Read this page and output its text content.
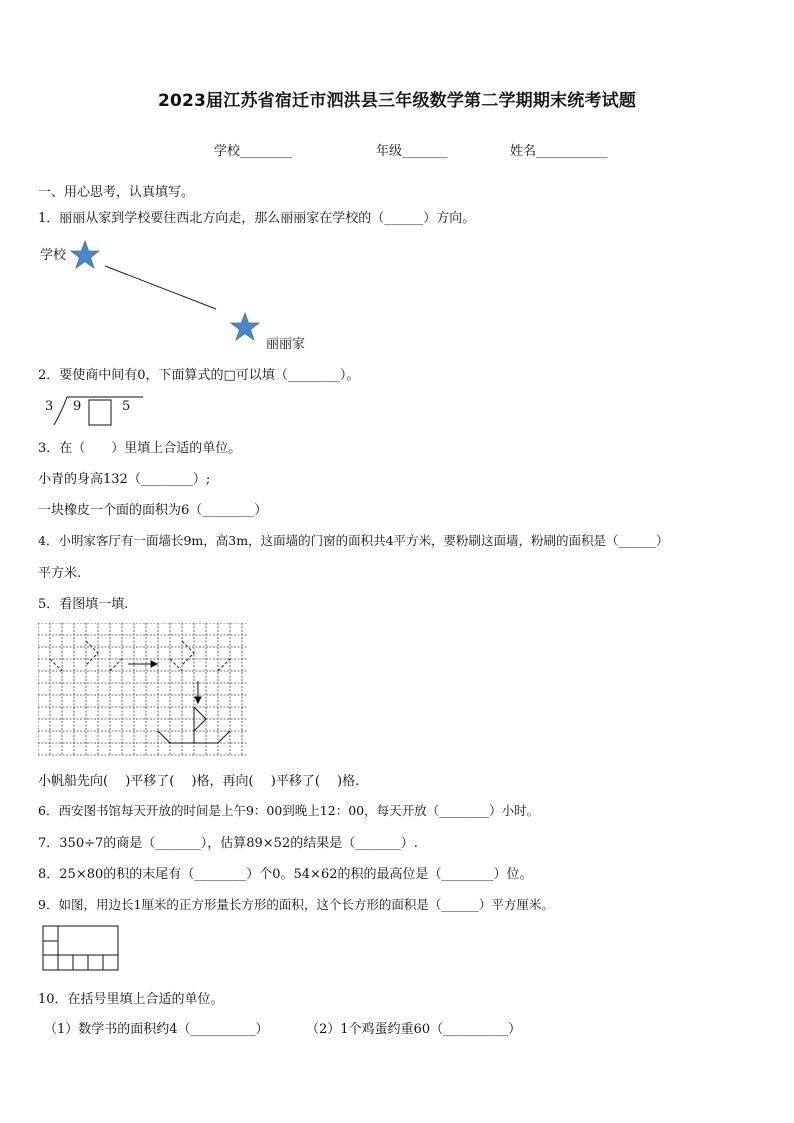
2023届江苏省宿迁市泗洪县三年级数学第二学期期末统考试题
学校________	年级_______	姓名___________
一、用心思考，认真填写。
1．丽丽从家到学校要往西北方向走，那么丽丽家在学校的（______）方向。
学校
丽丽家
2．要使商中间有0，下面算式的□可以填（________）。
3 9	5
3．在（　　）里填上合适的单位。
小青的身高132（________）;
一块橡皮一个面的面积为6（________）
4．小明家客厅有一面墙长9m，高3m，这面墙的门窗的面积共4平方米，要粉刷这面墙，粉刷的面积是（______）
平方米.
5．看图填一填.
小帆船先向(　 )平移了(　 )格，再向(　 )平移了(　 )格.
6．西安图书馆每天开放的时间是上午9：00到晚上12：00，每天开放（________）小时。
7．350÷7的商是（_______），估算89×52的结果是（_______）.
8．25×80的积的末尾有（________）个0。54×62的积的最高位是（________）位。
9．如图，用边长1厘米的正方形量长方形的面积，这个长方形的面积是（______）平方厘米。
10．在括号里填上合适的单位。
（1）数学书的面积约4（__________）	（2）1个鸡蛋约重60（__________）
